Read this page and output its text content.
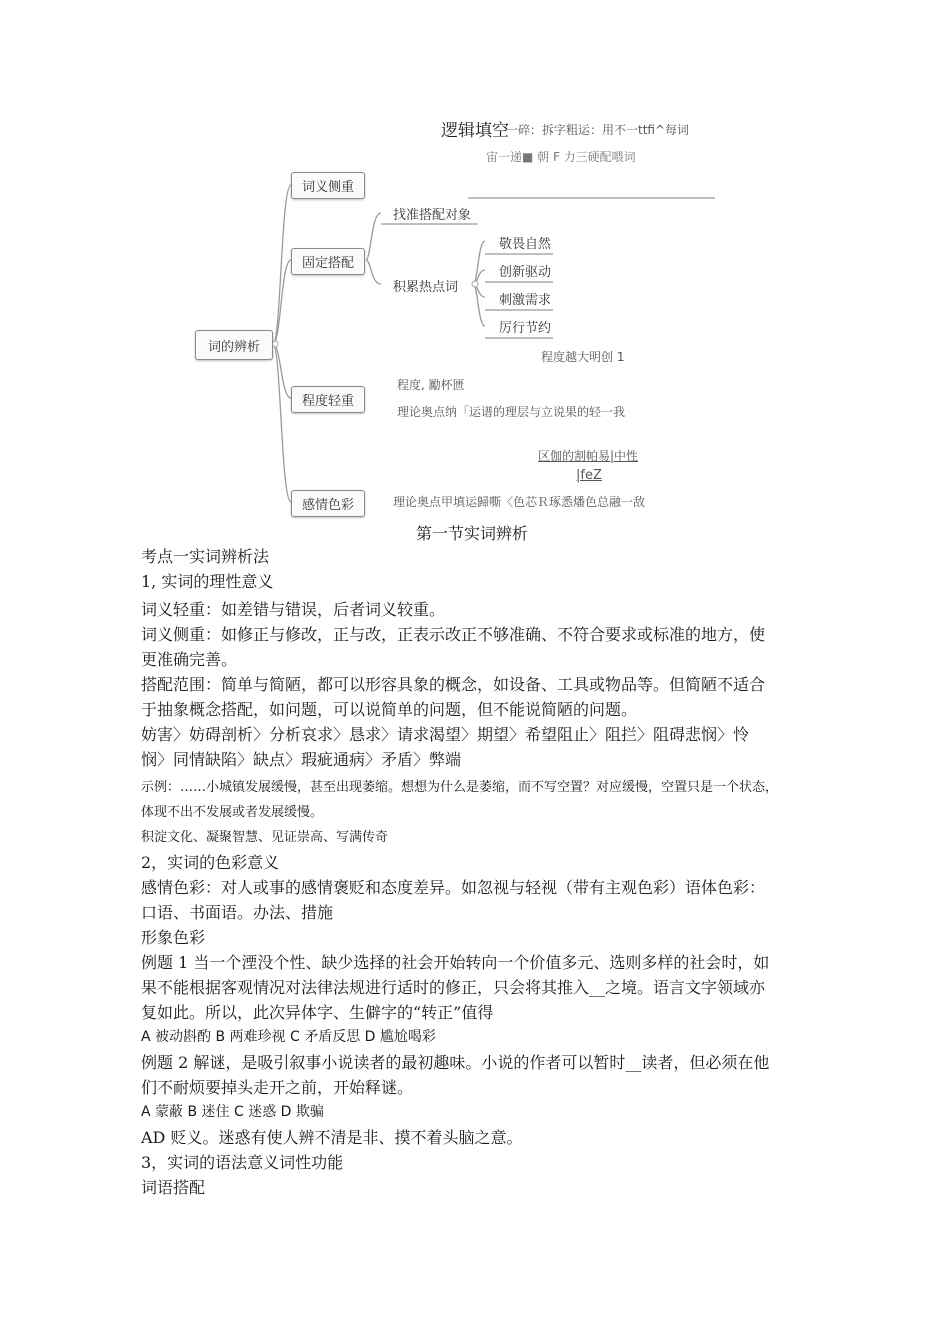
逻辑填空
一碎：拆字粗运：用不一ttfi^每词
宙一递■ 朝 F 力三硬配喂词
词的辨析
词义侧重
固定搭配
程度轻重
感情色彩
找准搭配对象
积累热点词
敬畏自然
创新驱动
刺激需求
厉行节约
程度越大明创 1
程度, 勵杯匮
理论奥点纳「运谱的理层与立说果的轻一我
区伽的割帕易|中性
|feZ
理论奥点甲填运歸嘶〈色芯Ｒ琢悉燔色总融一敌
第一节实词辨析
考点一实词辨析法
1, 实词的理性意义
词义轻重：如差错与错误，后者词义较重。
词义侧重：如修正与修改，正与改，正表示改正不够准确、不符合要求或标准的地方，使
更准确完善。
搭配范围：简单与简陋，都可以形容具象的概念，如设备、工具或物品等。但简陋不适合
于抽象概念搭配，如问题，可以说简单的问题，但不能说简陋的问题。
妨害〉妨碍剖析〉分析哀求〉恳求〉请求渴望〉期望〉希望阻止〉阻拦〉阻碍悲悯〉怜
悯〉同情缺陷〉缺点〉瑕疵通病〉矛盾〉弊端
示例：……小城镇发展缓慢，甚至出现萎缩。想想为什么是萎缩，而不写空置？对应缓慢，空置只是一个状态，
体现不出不发展或者发展缓慢。
积淀文化、凝聚智慧、见证崇高、写满传奇
2，实词的色彩意义
感情色彩：对人或事的感情褒贬和态度差异。如忽视与轻视（带有主观色彩）语体色彩：
口语、书面语。办法、措施
形象色彩
例题 1 当一个湮没个性、缺少选择的社会开始转向一个价值多元、选则多样的社会时，如
果不能根据客观情况对法律法规进行适时的修正，只会将其推入__之境。语言文字领域亦
复如此。所以，此次异体字、生僻字的“转正”值得
A 被动斟酌 B 两难珍视 C 矛盾反思 D 尴尬喝彩
例题 2 解谜，是吸引叙事小说读者的最初趣味。小说的作者可以暂时__读者，但必须在他
们不耐烦要掉头走开之前，开始释谜。
A 蒙蔽 B 迷住 C 迷惑 D 欺骗
AD 贬义。迷惑有使人辨不清是非、摸不着头脑之意。
3，实词的语法意义词性功能
词语搭配
